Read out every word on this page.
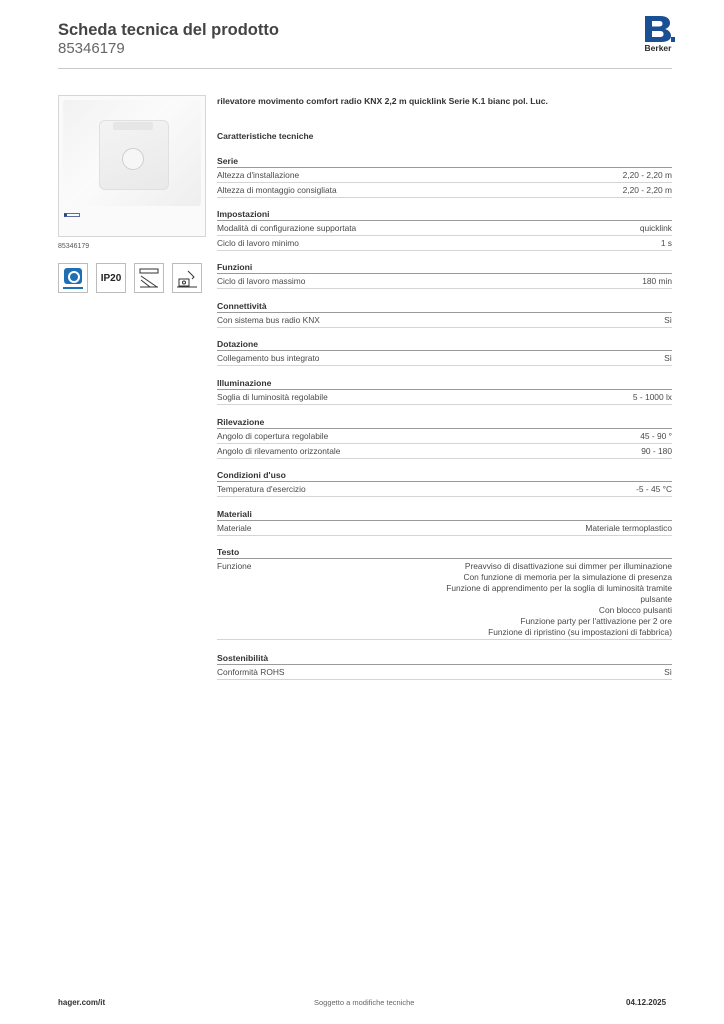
Scheda tecnica del prodotto
85346179	Berker
85346179
IP20
rilevatore movimento comfort radio KNX 2,2 m quicklink Serie K.1 bianc pol. Luc.
Caratteristiche tecniche
Serie
Altezza d'installazione	2,20 - 2,20 m
Altezza di montaggio consigliata	2,20 - 2,20 m
Impostazioni
Modalità di configurazione supportata	quicklink
Ciclo di lavoro minimo	1 s
Funzioni
Ciclo di lavoro massimo	180 min
Connettività
Con sistema bus radio KNX	Sì
Dotazione
Collegamento bus integrato	Sì
Illuminazione
Soglia di luminosità regolabile	5 - 1000 lx
Rilevazione
Angolo di copertura regolabile	45 - 90 °
Angolo di rilevamento orizzontale	90 - 180
Condizioni d'uso
Temperatura d'esercizio	-5 - 45 °C
Materiali
Materiale	Materiale termoplastico
Testo
Funzione	Preavviso di disattivazione sui dimmer per illuminazione
Con funzione di memoria per la simulazione di presenza
Funzione di apprendimento per la soglia di luminosità tramite
pulsante
Con blocco pulsanti
Funzione party per l'attivazione per 2 ore
Funzione di ripristino (su impostazioni di fabbrica)
Sostenibilità
Conformità ROHS	Sì
hager.com/it	Soggetto a modifiche tecniche	04.12.2025
